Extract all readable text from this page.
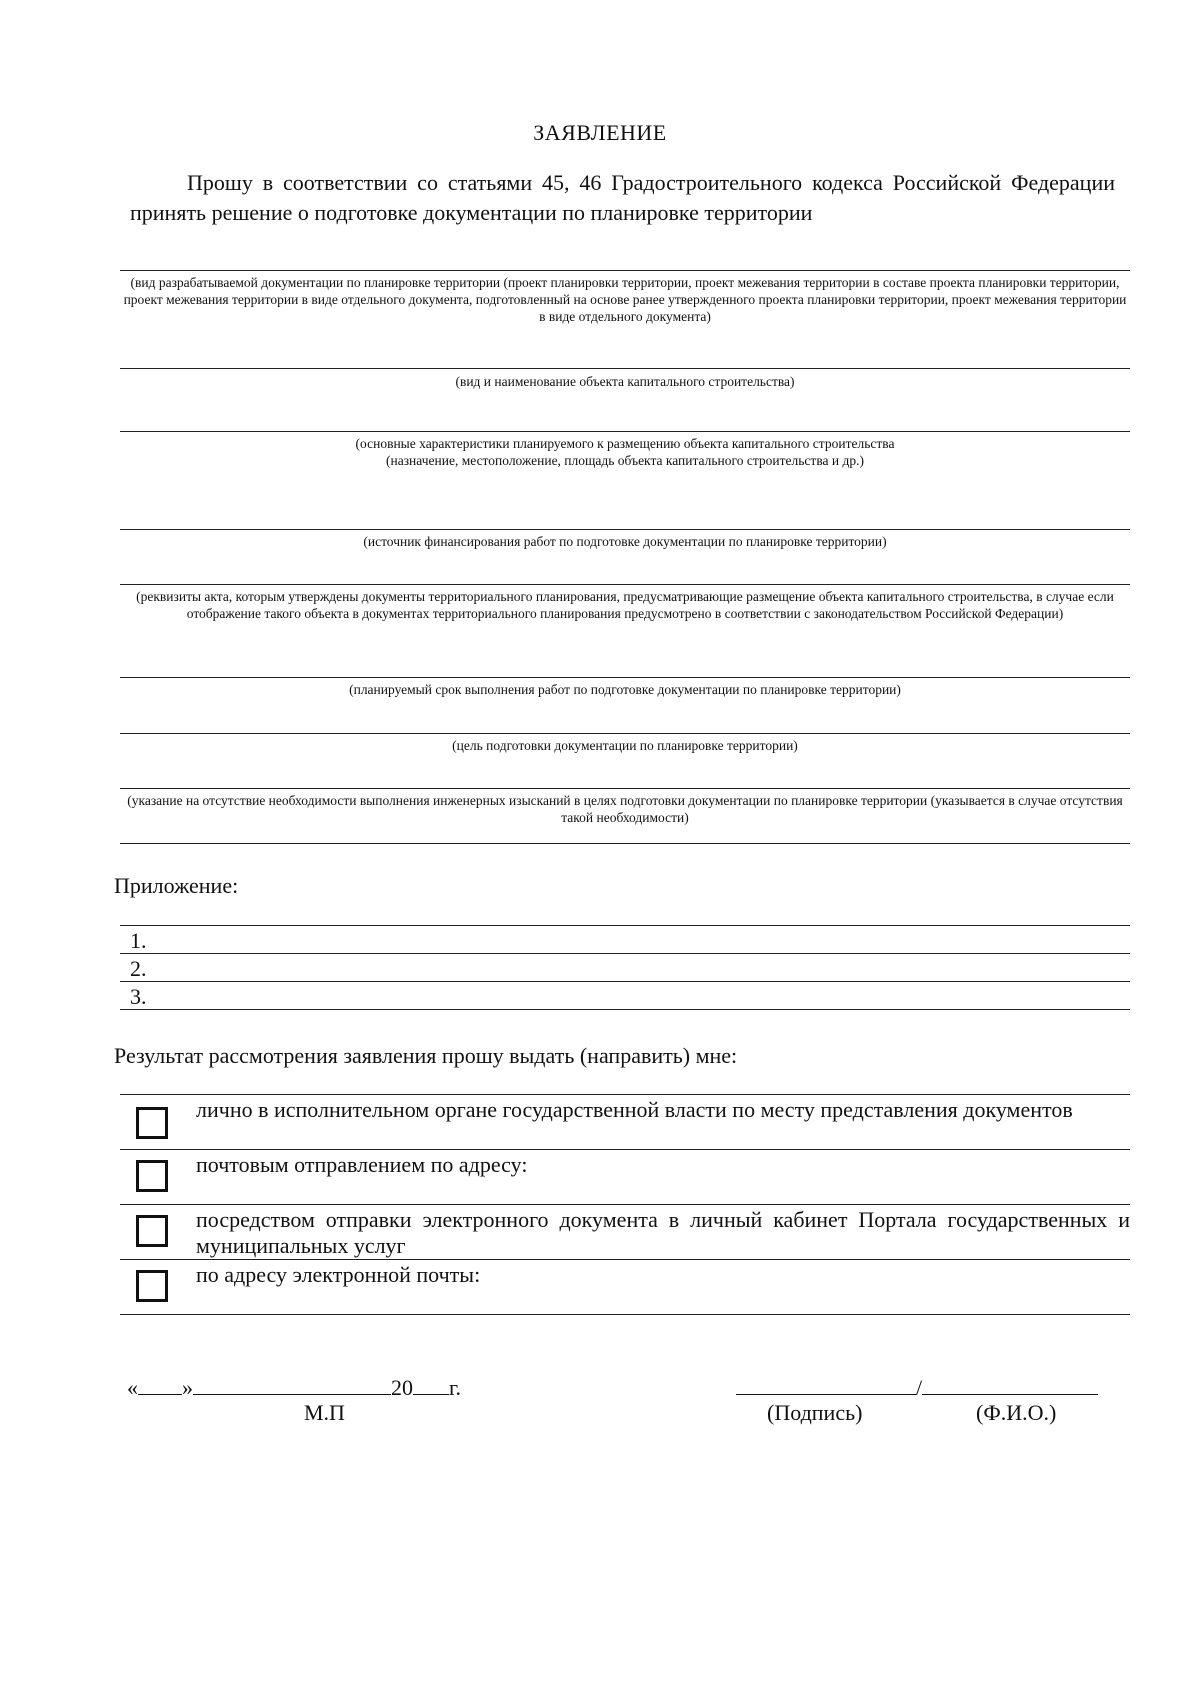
ЗАЯВЛЕНИЕ
Прошу в соответствии со статьями 45, 46 Градостроительного кодекса Российской Федерации принять решение о подготовке документации по планировке территории
(вид разрабатываемой документации по планировке территории (проект планировки территории, проект межевания территории в составе проекта планировки территории, проект межевания территории в виде отдельного документа, подготовленный на основе ранее утвержденного проекта планировки территории, проект межевания территории в виде отдельного документа)
(вид и наименование объекта капитального строительства)
(основные характеристики планируемого к размещению объекта капитального строительства (назначение, местоположение, площадь объекта капитального строительства и др.)
(источник финансирования работ по подготовке документации по планировке территории)
(реквизиты акта, которым утверждены документы территориального планирования, предусматривающие размещение объекта капитального строительства, в случае если отображение такого объекта в документах территориального планирования предусмотрено в соответствии с законодательством Российской Федерации)
(планируемый срок выполнения работ по подготовке документации по планировке территории)
(цель подготовки документации по планировке территории)
(указание на отсутствие необходимости выполнения инженерных изысканий в целях подготовки документации по планировке территории (указывается в случае отсутствия такой необходимости)
Приложение:
1.
2.
3.
Результат рассмотрения заявления прошу выдать (направить) мне:
лично в исполнительном органе государственной власти по месту представления документов
почтовым отправлением по адресу:
посредством отправки электронного документа в личный кабинет Портала государственных и муниципальных услуг
по адресу электронной почты:
« »	20 г.
М.П
/
(Подпись)	(Ф.И.О.)
